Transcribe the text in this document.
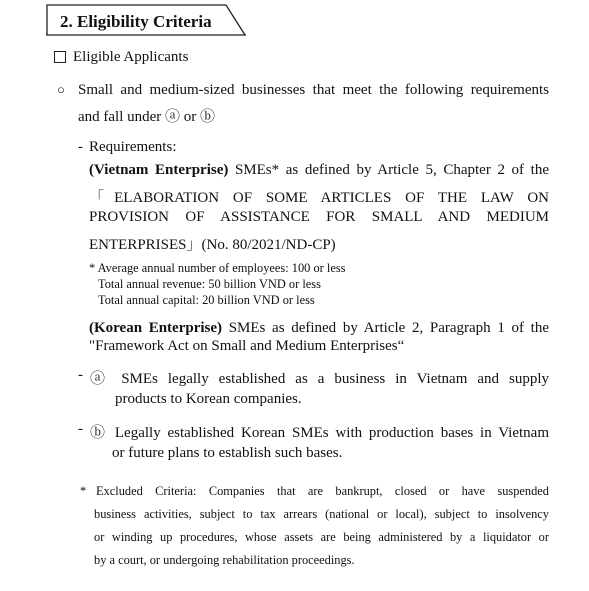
2. Eligibility Criteria
Eligible Applicants
○ Small and medium-sized businesses that meet the following requirements
and fall under ⓐ or ⓑ
- Requirements:
(Vietnam Enterprise) SMEs* as defined by Article 5, Chapter 2 of the
「ELABORATION OF SOME ARTICLES OF THE LAW ON
PROVISION OF ASSISTANCE FOR SMALL AND MEDIUM
ENTERPRISES」(No. 80/2021/ND-CP)
* Average annual number of employees: 100 or less
Total annual revenue: 50 billion VND or less
Total annual capital: 20 billion VND or less
(Korean Enterprise) SMEs as defined by Article 2, Paragraph 1 of the
"Framework Act on Small and Medium Enterprises“
- ⓐ SMEs legally established as a business in Vietnam and supply
products to Korean companies.
- ⓑ Legally established Korean SMEs with production bases in Vietnam
or future plans to establish such bases.
* Excluded Criteria: Companies that are bankrupt, closed or have suspended
business activities, subject to tax arrears (national or local), subject to insolvency
or winding up procedures, whose assets are being administered by a liquidator or
by a court, or undergoing rehabilitation proceedings.
